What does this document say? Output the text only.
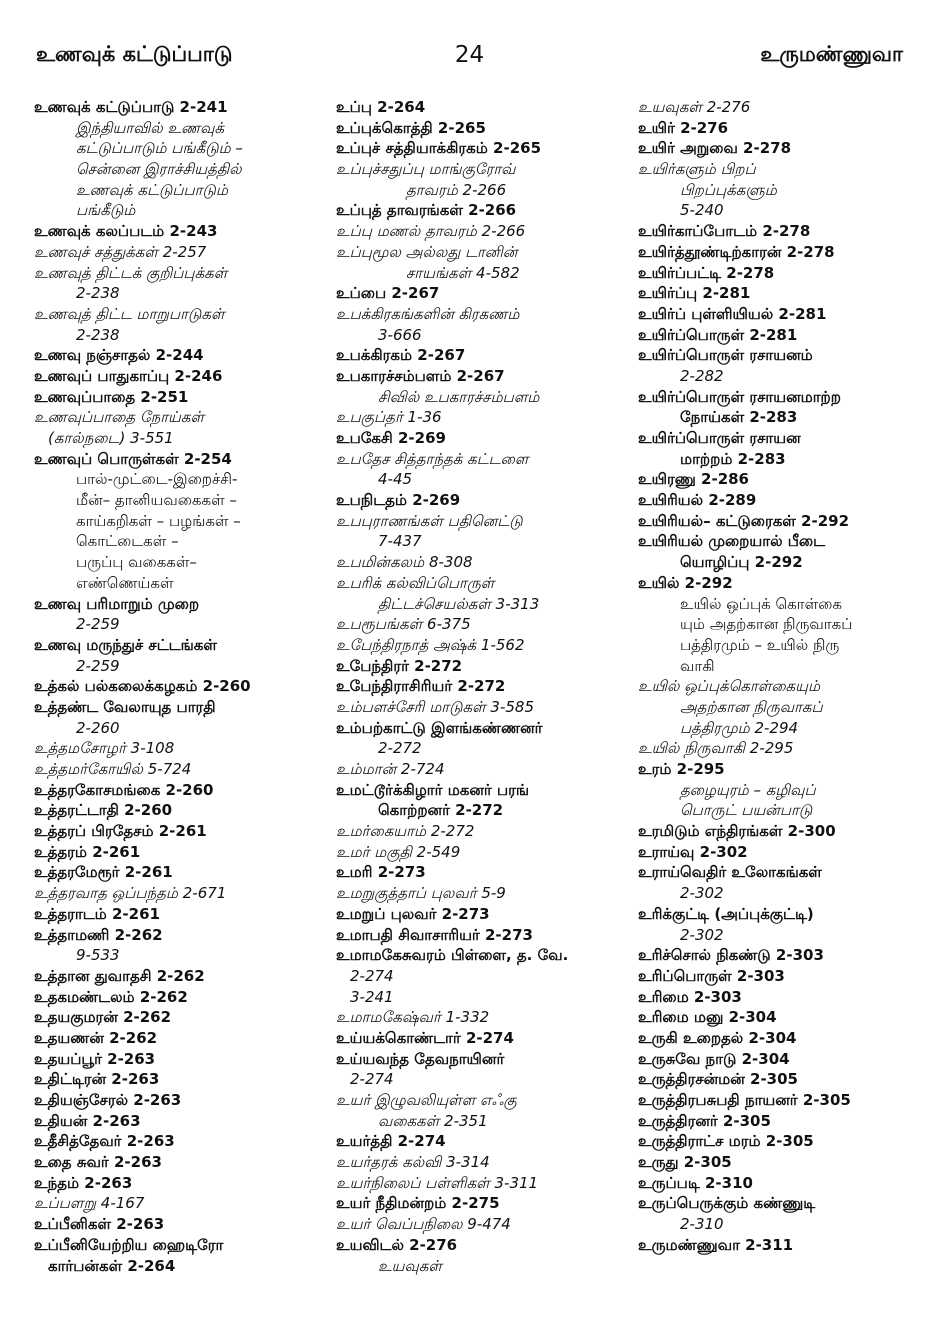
உணவுக் கட்டுப்பாடு	24	உருமண்ணுவா
உணவுக் கட்டுப்பாடு 2-241
இந்தியாவில் உணவுக்
கட்டுப்பாடும் பங்கீடும் –
சென்னை இராச்சியத்தில்
உணவுக் கட்டுப்பாடும்
பங்கீடும்
உணவுக் கலப்படம் 2-243
உணவுச் சத்துக்கள் 2-257
உணவுத் திட்டக் குறிப்புக்கள்
2-238
உணவுத் திட்ட மாறுபாடுகள்
2-238
உணவு நஞ்சாதல் 2-244
உணவுப் பாதுகாப்பு 2-246
உணவுப்பாதை 2-251
உணவுப்பாதை நோய்கள்
(கால்நடை) 3-551
உணவுப் பொருள்கள் 2-254
பால்-முட்டை-இறைச்சி-
மீன்– தானியவகைகள் –
காய்கறிகள் – பழங்கள் –
கொட்டைகள் –
பருப்பு வகைகள்–
எண்ணெய்கள்
உணவு பரிமாறும் முறை
2-259
உணவு மருந்துச் சட்டங்கள்
2-259
உத்கல் பல்கலைக்கழகம் 2-260
உத்தண்ட வேலாயுத பாரதி
2-260
உத்தமசோழர் 3-108
உத்தமர்கோயில் 5-724
உத்தரகோசமங்கை 2-260
உத்தரட்டாதி 2-260
உத்தரப் பிரதேசம் 2-261
உத்தரம் 2-261
உத்தரமேரூர் 2-261
உத்தரவாத ஒப்பந்தம் 2-671
உத்தராடம் 2-261
உத்தாமணி 2-262
9-533
உத்தான துவாதசி 2-262
உதகமண்டலம் 2-262
உதயகுமரன் 2-262
உதயணன் 2-262
உதயப்பூர் 2-263
உதிட்டிரன் 2-263
உதியஞ்சேரல் 2-263
உதியன் 2-263
உதீசித்தேவர் 2-263
உதை சுவர் 2-263
உந்தம் 2-263
உப்பளறு 4-167
உப்பீனிகள் 2-263
உப்பீனியேற்றிய ஹைடிரோ
கார்பன்கள் 2-264
உப்பு 2-264
உப்புக்கொத்தி 2-265
உப்புச் சத்தியாக்கிரகம் 2-265
உப்புச்சதுப்பு மாங்குரோவ்
தாவரம் 2-266
உப்புத் தாவரங்கள் 2-266
உப்பு மணல் தாவரம் 2-266
உப்புமூல அல்லது டானின்
சாயங்கள் 4-582
உப்பை 2-267
உபக்கிரகங்களின் கிரகணம்
3-666
உபக்கிரகம் 2-267
உபகாரச்சம்பளம் 2-267
சிவில் உபகாரச்சம்பளம்
உபகுப்தர் 1-36
உபகேசி 2-269
உபதேச சித்தாந்தக் கட்டளை
4-45
உபநிடதம் 2-269
உபபுராணங்கள் பதினெட்டு
7-437
உபமின்கலம் 8-308
உபரிக் கல்விப்பொருள்
திட்டச்செயல்கள் 3-313
உபரூபங்கள் 6-375
உபேந்திரநாத் அஷ்க் 1-562
உபேந்திரர் 2-272
உபேந்திராசிரியர் 2-272
உம்பளச்சேரி மாடுகள் 3-585
உம்பற்காட்டு இளங்கண்ணனர்
2-272
உம்மான் 2-724
உமட்டூர்க்கிழார் மகனர் பரங்
கொற்றனர் 2-272
உமர்கையாம் 2-272
உமர் மகுதி 2-549
உமரி 2-273
உமறுகுத்தாப் புலவர் 5-9
உமறுப் புலவர் 2-273
உமாபதி சிவாசாரியர் 2-273
உமாமகேசுவரம் பிள்ளை, த. வே.
2-274
3-241
உமாமகேஷ்வர் 1-332
உய்யக்கொண்டார் 2-274
உய்யவந்த தேவநாயினர்
2-274
உயர் இழுவலியுள்ள எஃகு
வகைகள் 2-351
உயர்த்தி 2-274
உயர்தரக் கல்வி 3-314
உயர்நிலைப் பள்ளிகள் 3-311
உயர் நீதிமன்றம் 2-275
உயர் வெப்பநிலை 9-474
உயவிடல் 2-276
உயவுகள்
உயவுகள் 2-276
உயிர் 2-276
உயிர் அறுவை 2-278
உயிர்களும் பிறப்
பிறப்புக்களும்
5-240
உயிர்காப்போடம் 2-278
உயிர்த்தூண்டிற்காரன் 2-278
உயிர்ப்பட்டி 2-278
உயிர்ப்பு 2-281
உயிர்ப் புள்ளியியல் 2-281
உயிர்ப்பொருள் 2-281
உயிர்ப்பொருள் ரசாயனம்
2-282
உயிர்ப்பொருள் ரசாயனமாற்ற
நோய்கள் 2-283
உயிர்ப்பொருள் ரசாயன
மாற்றம் 2-283
உயிரணு 2-286
உயிரியல் 2-289
உயிரியல்– கட்டுரைகள் 2-292
உயிரியல் முறையால் பீடை
யொழிப்பு 2-292
உயில் 2-292
உயில் ஒப்புக் கொள்கை
யும் அதற்கான நிருவாகப்
பத்திரமும் – உயில் நிரு
வாகி
உயில் ஒப்புக்கொள்கையும்
அதற்கான நிருவாகப்
பத்திரமும் 2-294
உயில் நிருவாகி 2-295
உரம் 2-295
தழையுரம் – கழிவுப்
பொருட் பயன்பாடு
உரமிடும் எந்திரங்கள் 2-300
உராய்வு 2-302
உராய்வெதிர் உலோகங்கள்
2-302
உரிக்குட்டி (அப்புக்குட்டி)
2-302
உரிச்சொல் நிகண்டு 2-303
உரிப்பொருள் 2-303
உரிமை 2-303
உரிமை மனு 2-304
உருகி உறைதல் 2-304
உருசுவே நாடு 2-304
உருத்திரசன்மன் 2-305
உருத்திரபசுபதி நாயனர் 2-305
உருத்திரனர் 2-305
உருத்திராட்ச மரம் 2-305
உருது 2-305
உருப்படி 2-310
உருப்பெருக்கும் கண்ணுடி
2-310
உருமண்ணுவா 2-311
